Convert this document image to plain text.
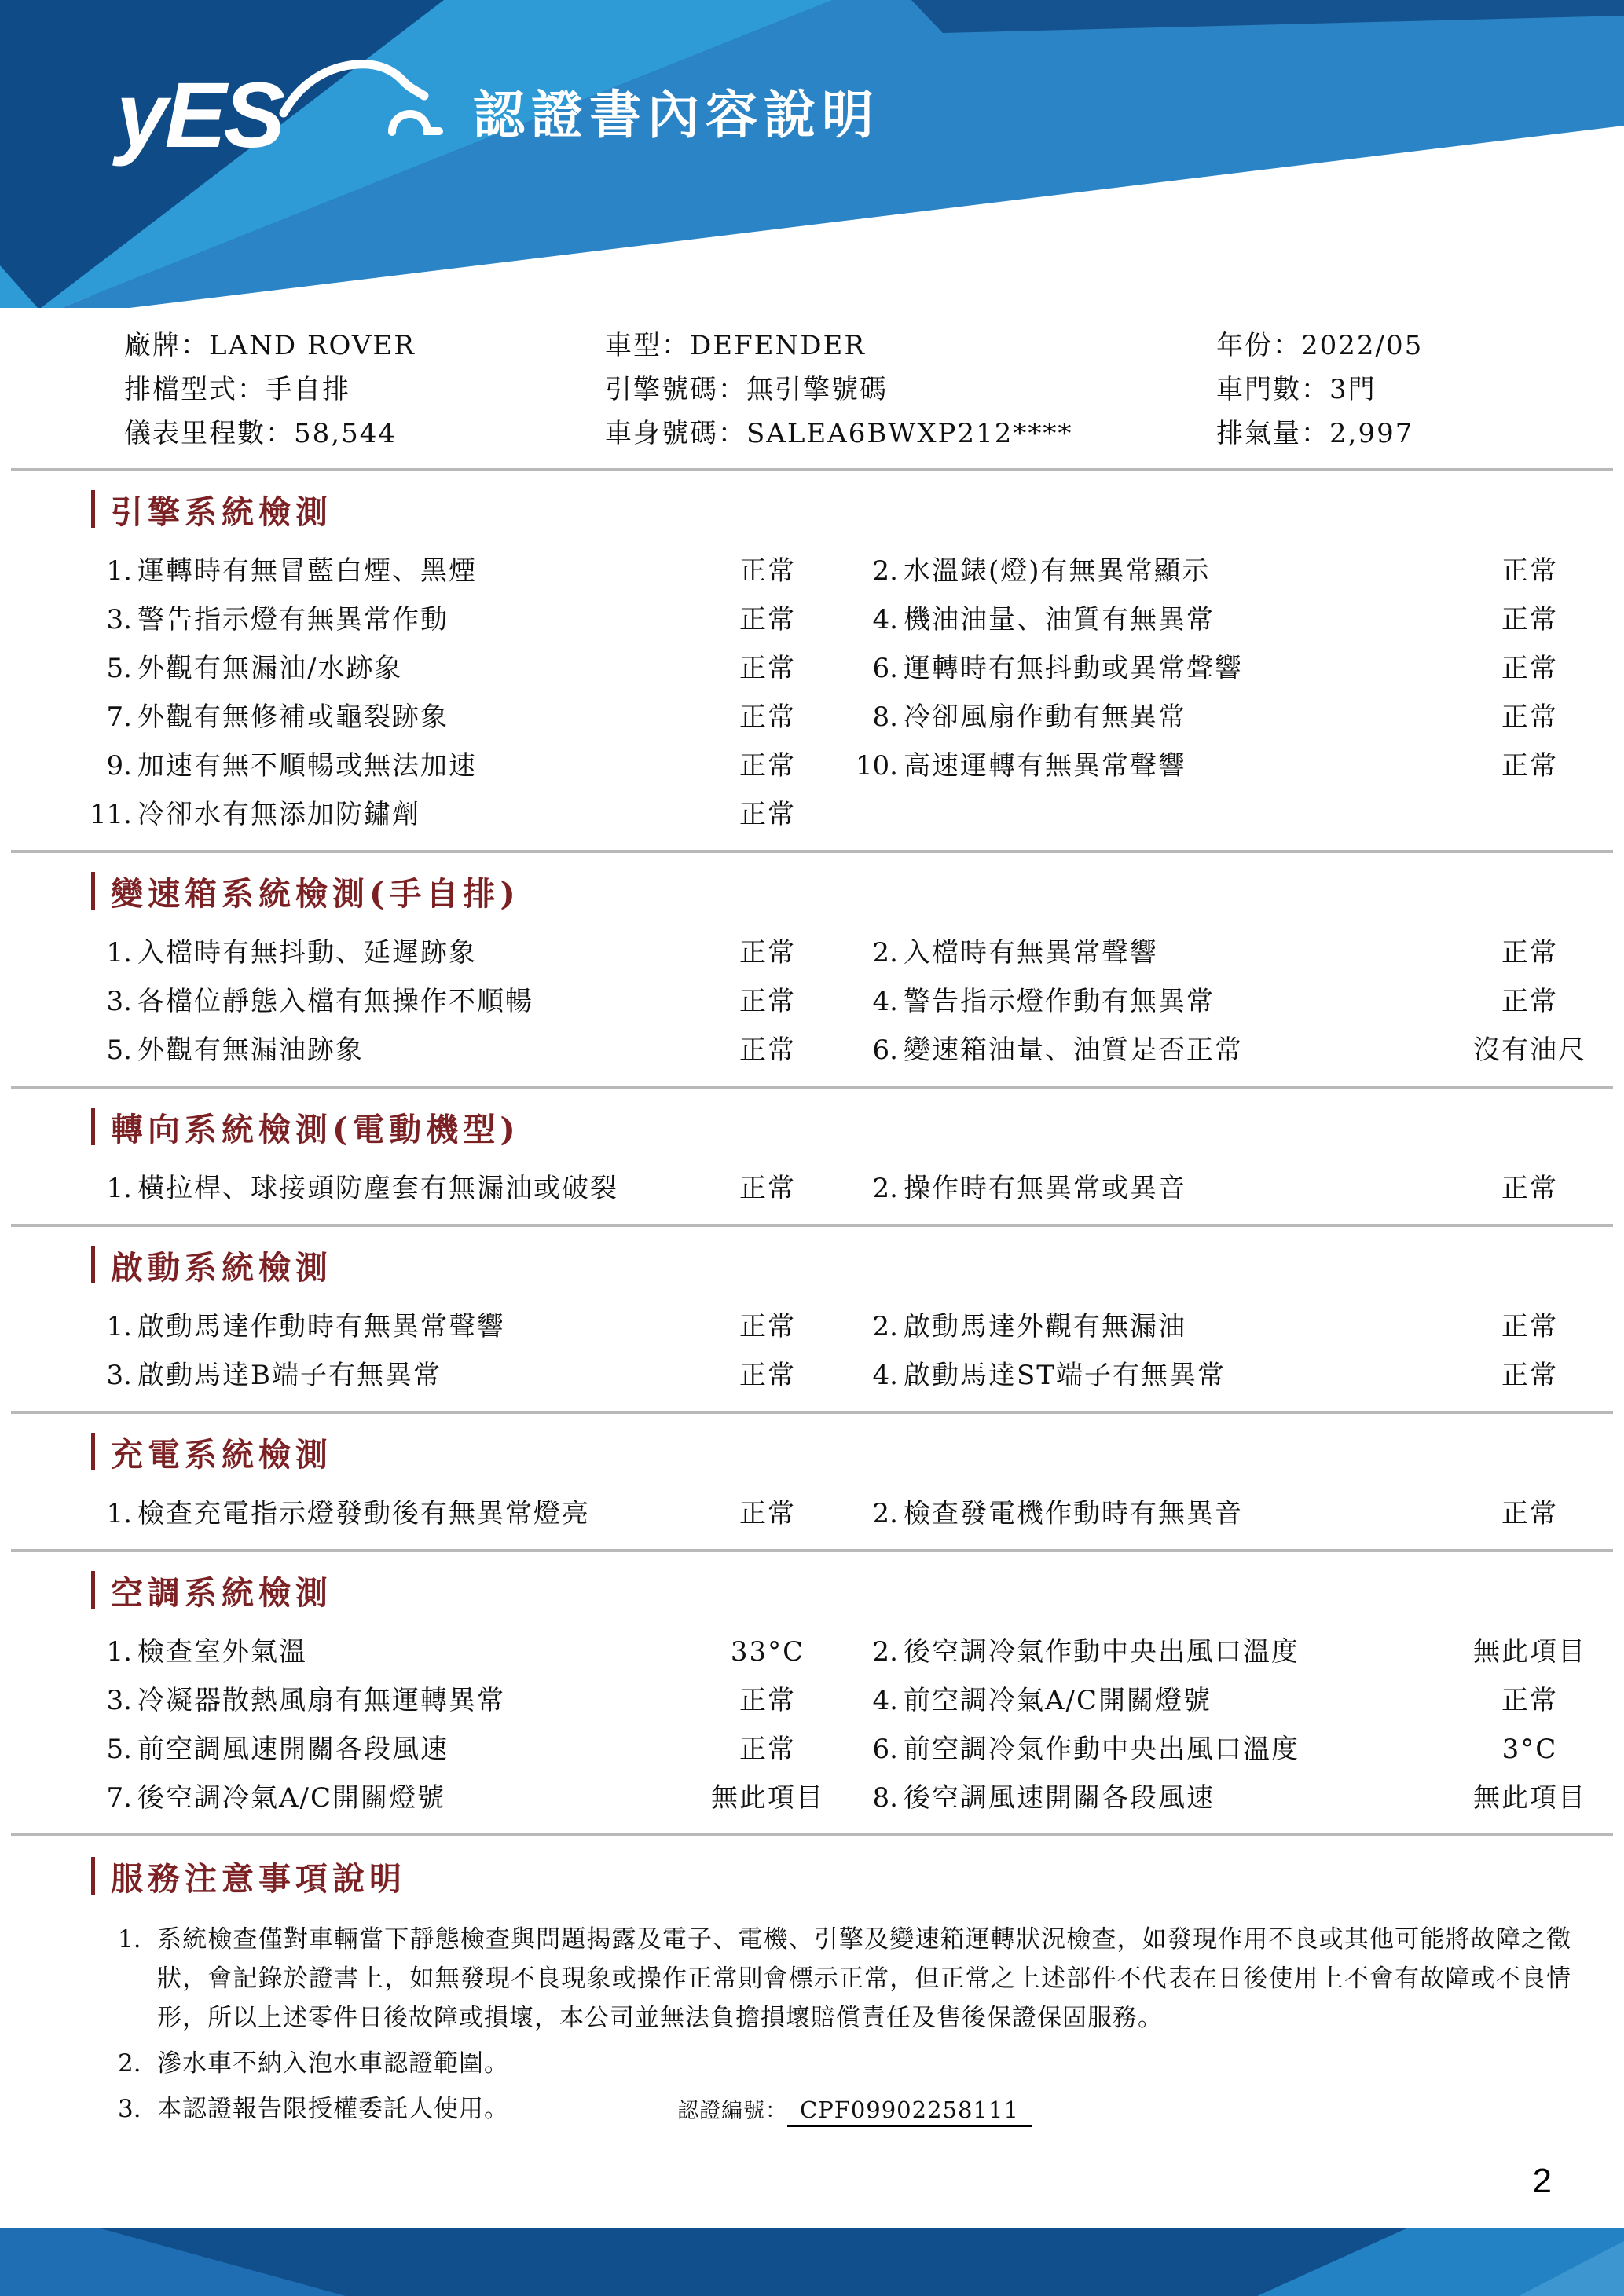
yES	認證書內容說明
廠牌：LAND ROVER	車型：DEFENDER	年份：2022/05
排檔型式：手自排	引擎號碼：無引擎號碼	車門數：3門
儀表里程數：58,544	車身號碼：SALEA6BWXP212****	排氣量：2,997
引擎系統檢測
1. 運轉時有無冒藍白煙、黑煙	正常	2. 水溫錶(燈)有無異常顯示	正常
3. 警告指示燈有無異常作動	正常	4. 機油油量、油質有無異常	正常
5. 外觀有無漏油/水跡象	正常	6. 運轉時有無抖動或異常聲響	正常
7. 外觀有無修補或龜裂跡象	正常	8. 冷卻風扇作動有無異常	正常
9. 加速有無不順暢或無法加速	正常	10. 高速運轉有無異常聲響	正常
11. 冷卻水有無添加防鏽劑	正常
變速箱系統檢測(手自排)
1. 入檔時有無抖動、延遲跡象	正常	2. 入檔時有無異常聲響	正常
3. 各檔位靜態入檔有無操作不順暢	正常	4. 警告指示燈作動有無異常	正常
5. 外觀有無漏油跡象	正常	6. 變速箱油量、油質是否正常	沒有油尺
轉向系統檢測(電動機型)
1. 橫拉桿、球接頭防塵套有無漏油或破裂	正常	2. 操作時有無異常或異音	正常
啟動系統檢測
1. 啟動馬達作動時有無異常聲響	正常	2. 啟動馬達外觀有無漏油	正常
3. 啟動馬達B端子有無異常	正常	4. 啟動馬達ST端子有無異常	正常
充電系統檢測
1. 檢查充電指示燈發動後有無異常燈亮	正常	2. 檢查發電機作動時有無異音	正常
空調系統檢測
1. 檢查室外氣溫	33°C	2. 後空調冷氣作動中央出風口溫度	無此項目
3. 冷凝器散熱風扇有無運轉異常	正常	4. 前空調冷氣A/C開關燈號	正常
5. 前空調風速開關各段風速	正常	6. 前空調冷氣作動中央出風口溫度	3°C
7. 後空調冷氣A/C開關燈號	無此項目	8. 後空調風速開關各段風速	無此項目
服務注意事項說明
1. 系統檢查僅對車輛當下靜態檢查與問題揭露及電子、電機、引擎及變速箱運轉狀況檢查，如發現作用不良或其他可能將故障之徵狀，會記錄於證書上，如無發現不良現象或操作正常則會標示正常，但正常之上述部件不代表在日後使用上不會有故障或不良情形，所以上述零件日後故障或損壞，本公司並無法負擔損壞賠償責任及售後保證保固服務。
2. 滲水車不納入泡水車認證範圍。
3. 本認證報告限授權委託人使用。	認證編號： CPF09902258111
2
